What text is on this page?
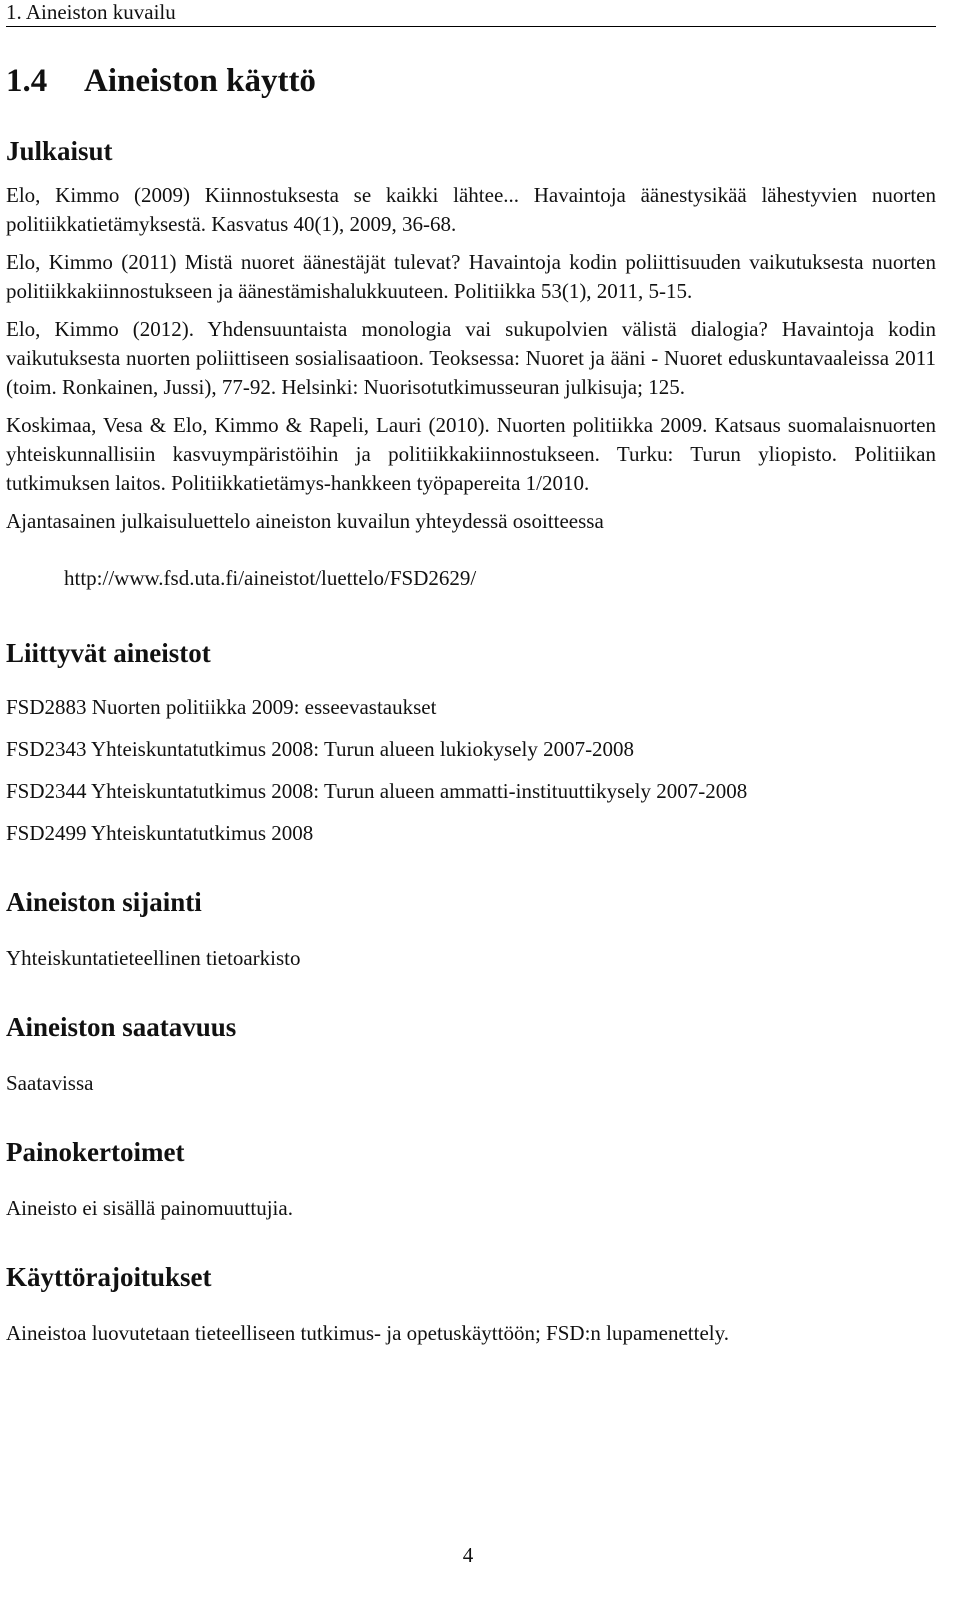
1. Aineiston kuvailu
1.4 Aineiston käyttö
Julkaisut

Elo, Kimmo (2009) Kiinnostuksesta se kaikki lähtee... Havaintoja äänestysikää lähestyvien nuorten politiikkatietämyksestä. Kasvatus 40(1), 2009, 36-68.

Elo, Kimmo (2011) Mistä nuoret äänestäjät tulevat? Havaintoja kodin poliittisuuden vaikutuksesta nuorten politiikkakiinnostukseen ja äänestämishalukkuuteen. Politiikka 53(1), 2011, 5-15.

Elo, Kimmo (2012). Yhdensuuntaista monologia vai sukupolvien välistä dialogia? Havaintoja kodin vaikutuksesta nuorten poliittiseen sosialisaatioon. Teoksessa: Nuoret ja ääni - Nuoret eduskuntavaaleissa 2011 (toim. Ronkainen, Jussi), 77-92. Helsinki: Nuorisotutkimusseuran julkisuja; 125.

Koskimaa, Vesa & Elo, Kimmo & Rapeli, Lauri (2010). Nuorten politiikka 2009. Katsaus suomalaisnuorten yhteiskunnallisiin kasvuympäristöihin ja politiikkakiinnostukseen. Turku: Turun yliopisto. Politiikan tutkimuksen laitos. Politiikkatietämys-hankkeen työpapereita 1/2010.

Ajantasainen julkaisuluettelo aineiston kuvailun yhteydessä osoitteessa

http://www.fsd.uta.fi/aineistot/luettelo/FSD2629/

Liittyvät aineistot

FSD2883 Nuorten politiikka 2009: esseevastaukset

FSD2343 Yhteiskuntatutkimus 2008: Turun alueen lukiokysely 2007-2008

FSD2344 Yhteiskuntatutkimus 2008: Turun alueen ammatti-instituuttikysely 2007-2008

FSD2499 Yhteiskuntatutkimus 2008

Aineiston sijainti

Yhteiskuntatieteellinen tietoarkisto

Aineiston saatavuus

Saatavissa

Painokertoimet

Aineisto ei sisällä painomuuttujia.

Käyttörajoitukset

Aineistoa luovutetaan tieteelliseen tutkimus- ja opetuskäyttöön; FSD:n lupamenettely.

4
